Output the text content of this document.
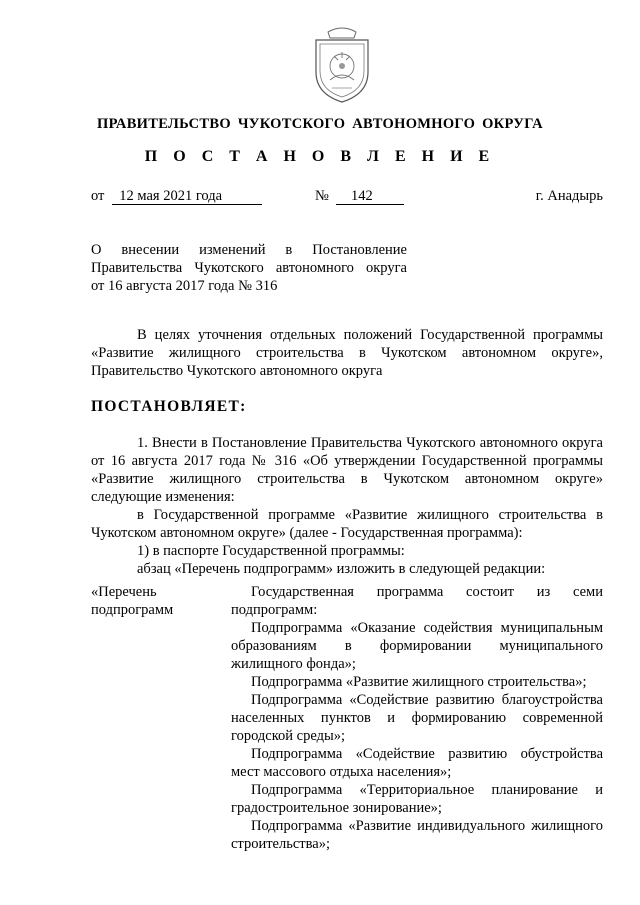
ПРАВИТЕЛЬСТВО ЧУКОТСКОГО АВТОНОМНОГО ОКРУГА
П О С Т А Н О В Л Е Н И Е
от 12 мая 2021 года	№ 142	г. Анадырь
О внесении изменений в Постановление
Правительства Чукотского автономного округа
от 16 августа 2017 года № 316
В целях уточнения отдельных положений Государственной программы «Развитие жилищного строительства в Чукотском автономном округе», Правительство Чукотского автономного округа
ПОСТАНОВЛЯЕТ:
1. Внести в Постановление Правительства Чукотского автономного округа от 16 августа 2017 года № 316 «Об утверждении Государственной программы «Развитие жилищного строительства в Чукотском автономном округе» следующие изменения:
в Государственной программе «Развитие жилищного строительства в Чукотском автономном округе» (далее - Государственная программа):
1) в паспорте Государственной программы:
абзац «Перечень подпрограмм» изложить в следующей редакции:
«Перечень
подпрограмм

Государственная программа состоит из семи подпрограмм:

Подпрограмма «Оказание содействия муниципальным образованиям в формировании муниципального жилищного фонда»;

Подпрограмма «Развитие жилищного строительства»;

Подпрограмма «Содействие развитию благоустройства населенных пунктов и формированию современной городской среды»;

Подпрограмма «Содействие развитию обустройства мест массового отдыха населения»;

Подпрограмма «Территориальное планирование и градостроительное зонирование»;

Подпрограмма «Развитие индивидуального жилищного строительства»;
